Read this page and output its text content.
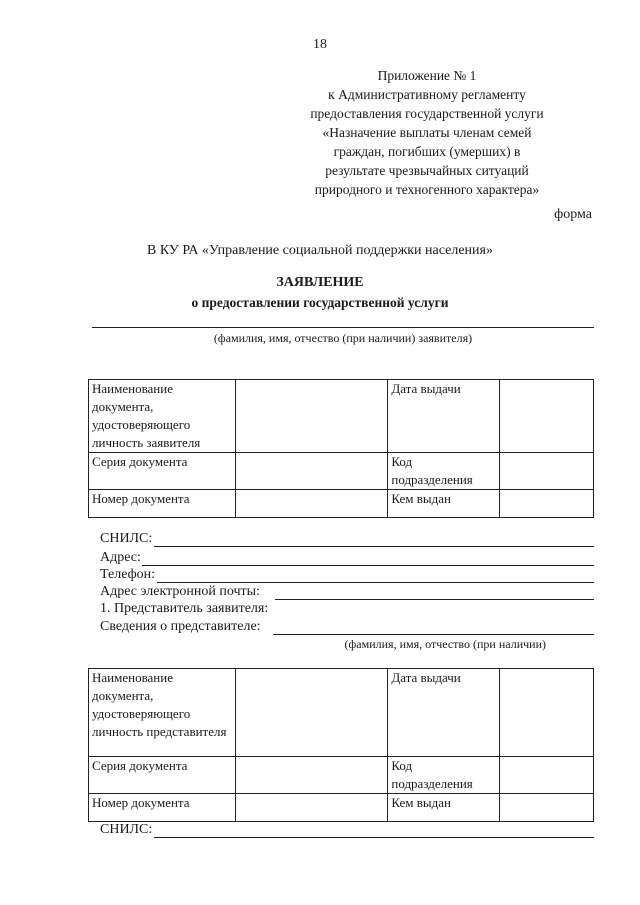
18
Приложение № 1
к Административному регламенту
предоставления государственной услуги
«Назначение выплаты членам семей
граждан, погибших (умерших) в
результате чрезвычайных ситуаций
природного и техногенного характера»
форма
В КУ РА «Управление социальной поддержки населения»
ЗАЯВЛЕНИЕ
о предоставлении государственной услуги
(фамилия, имя, отчество (при наличии) заявителя)
Наименование документа, удостоверяющего личность заявителя		Дата выдачи	
Серия документа		Код подразделения	
Номер документа		Кем выдан	
СНИЛС:
Адрес:
Телефон:
Адрес электронной почты:
1. Представитель заявителя:
Сведения о представителе:
(фамилия, имя, отчество (при наличии)
Наименование документа, удостоверяющего личность представителя		Дата выдачи	
Серия документа		Код подразделения	
Номер документа		Кем выдан	
СНИЛС:
